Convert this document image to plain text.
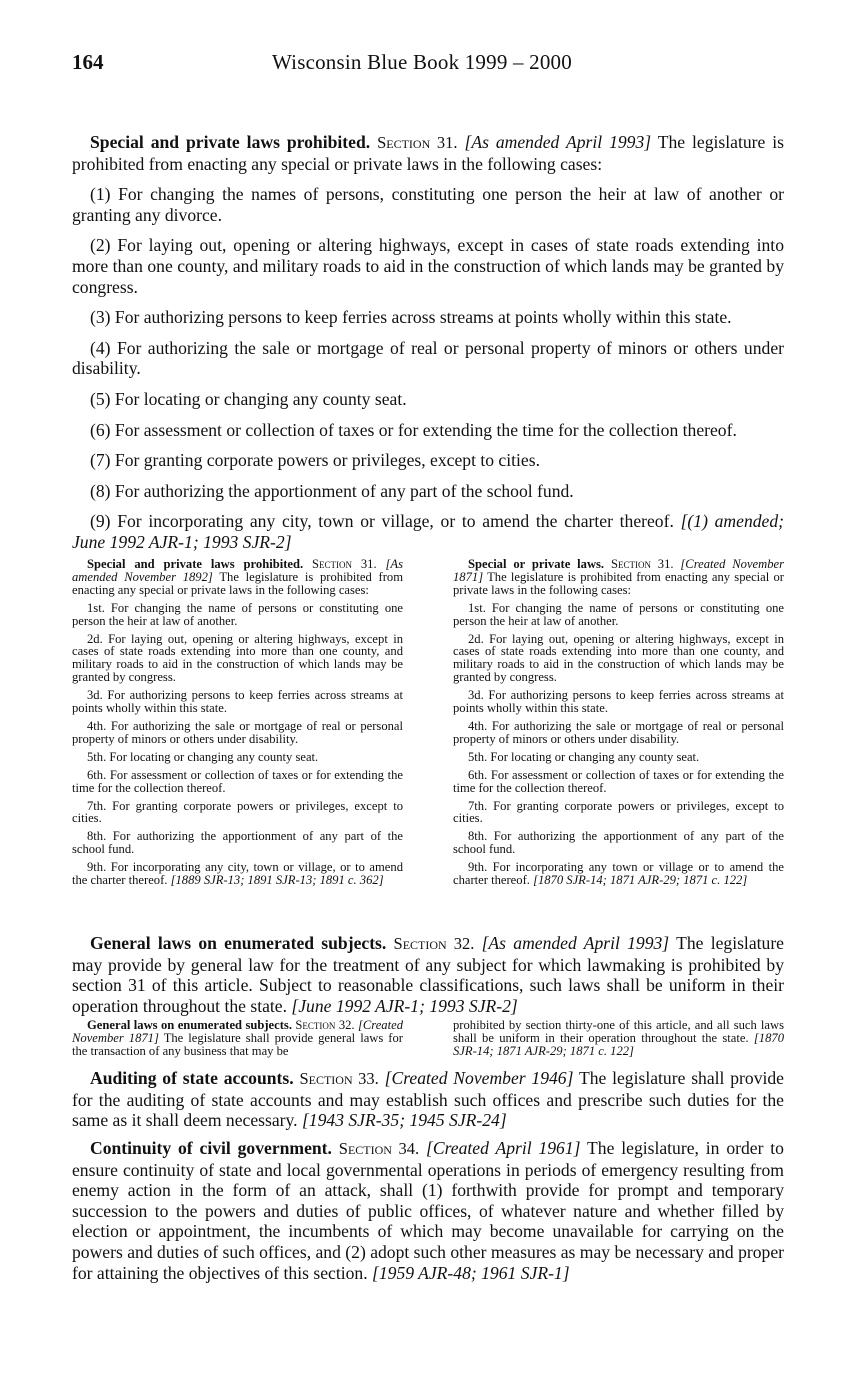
164	Wisconsin Blue Book 1999 – 2000

Special and private laws prohibited. Section 31. [As amended April 1993] The legislature is prohibited from enacting any special or private laws in the following cases:

(1) For changing the names of persons, constituting one person the heir at law of another or granting any divorce.

(2) For laying out, opening or altering highways, except in cases of state roads extending into more than one county, and military roads to aid in the construction of which lands may be granted by congress.

(3) For authorizing persons to keep ferries across streams at points wholly within this state.

(4) For authorizing the sale or mortgage of real or personal property of minors or others under disability.

(5) For locating or changing any county seat.

(6) For assessment or collection of taxes or for extending the time for the collection thereof.

(7) For granting corporate powers or privileges, except to cities.

(8) For authorizing the apportionment of any part of the school fund.

(9) For incorporating any city, town or village, or to amend the charter thereof. [(1) amended; June 1992 AJR-1; 1993 SJR-2]

Special and private laws prohibited. Section 31. [As amended November 1892] The legislature is prohibited from enacting any special or private laws in the following cases:

1st. For changing the name of persons or constituting one person the heir at law of another.

2d. For laying out, opening or altering highways, except in cases of state roads extending into more than one county, and military roads to aid in the construction of which lands may be granted by congress.

3d. For authorizing persons to keep ferries across streams at points wholly within this state.

4th. For authorizing the sale or mortgage of real or personal property of minors or others under disability.

5th. For locating or changing any county seat.

6th. For assessment or collection of taxes or for extending the time for the collection thereof.

7th. For granting corporate powers or privileges, except to cities.

8th. For authorizing the apportionment of any part of the school fund.

9th. For incorporating any city, town or village, or to amend the charter thereof. [1889 SJR-13; 1891 SJR-13; 1891 c. 362]

Special or private laws. Section 31. [Created November 1871] The legislature is prohibited from enacting any special or private laws in the following cases:

1st. For changing the name of persons or constituting one person the heir at law of another.

2d. For laying out, opening or altering highways, except in cases of state roads extending into more than one county, and military roads to aid in the construction of which lands may be granted by congress.

3d. For authorizing persons to keep ferries across streams at points wholly within this state.

4th. For authorizing the sale or mortgage of real or personal property of minors or others under disability.

5th. For locating or changing any county seat.

6th. For assessment or collection of taxes or for extending the time for the collection thereof.

7th. For granting corporate powers or privileges, except to cities.

8th. For authorizing the apportionment of any part of the school fund.

9th. For incorporating any town or village or to amend the charter thereof. [1870 SJR-14; 1871 AJR-29; 1871 c. 122]

General laws on enumerated subjects. Section 32. [As amended April 1993] The legislature may provide by general law for the treatment of any subject for which lawmaking is prohibited by section 31 of this article. Subject to reasonable classifications, such laws shall be uniform in their operation throughout the state. [June 1992 AJR-1; 1993 SJR-2]

General laws on enumerated subjects. Section 32. [Created November 1871] The legislature shall provide general laws for the transaction of any business that may be

prohibited by section thirty-one of this article, and all such laws shall be uniform in their operation throughout the state. [1870 SJR-14; 1871 AJR-29; 1871 c. 122]

Auditing of state accounts. Section 33. [Created November 1946] The legislature shall provide for the auditing of state accounts and may establish such offices and prescribe such duties for the same as it shall deem necessary. [1943 SJR-35; 1945 SJR-24]

Continuity of civil government. Section 34. [Created April 1961] The legislature, in order to ensure continuity of state and local governmental operations in periods of emergency resulting from enemy action in the form of an attack, shall (1) forthwith provide for prompt and temporary succession to the powers and duties of public offices, of whatever nature and whether filled by election or appointment, the incumbents of which may become unavailable for carrying on the powers and duties of such offices, and (2) adopt such other measures as may be necessary and proper for attaining the objectives of this section. [1959 AJR-48; 1961 SJR-1]
